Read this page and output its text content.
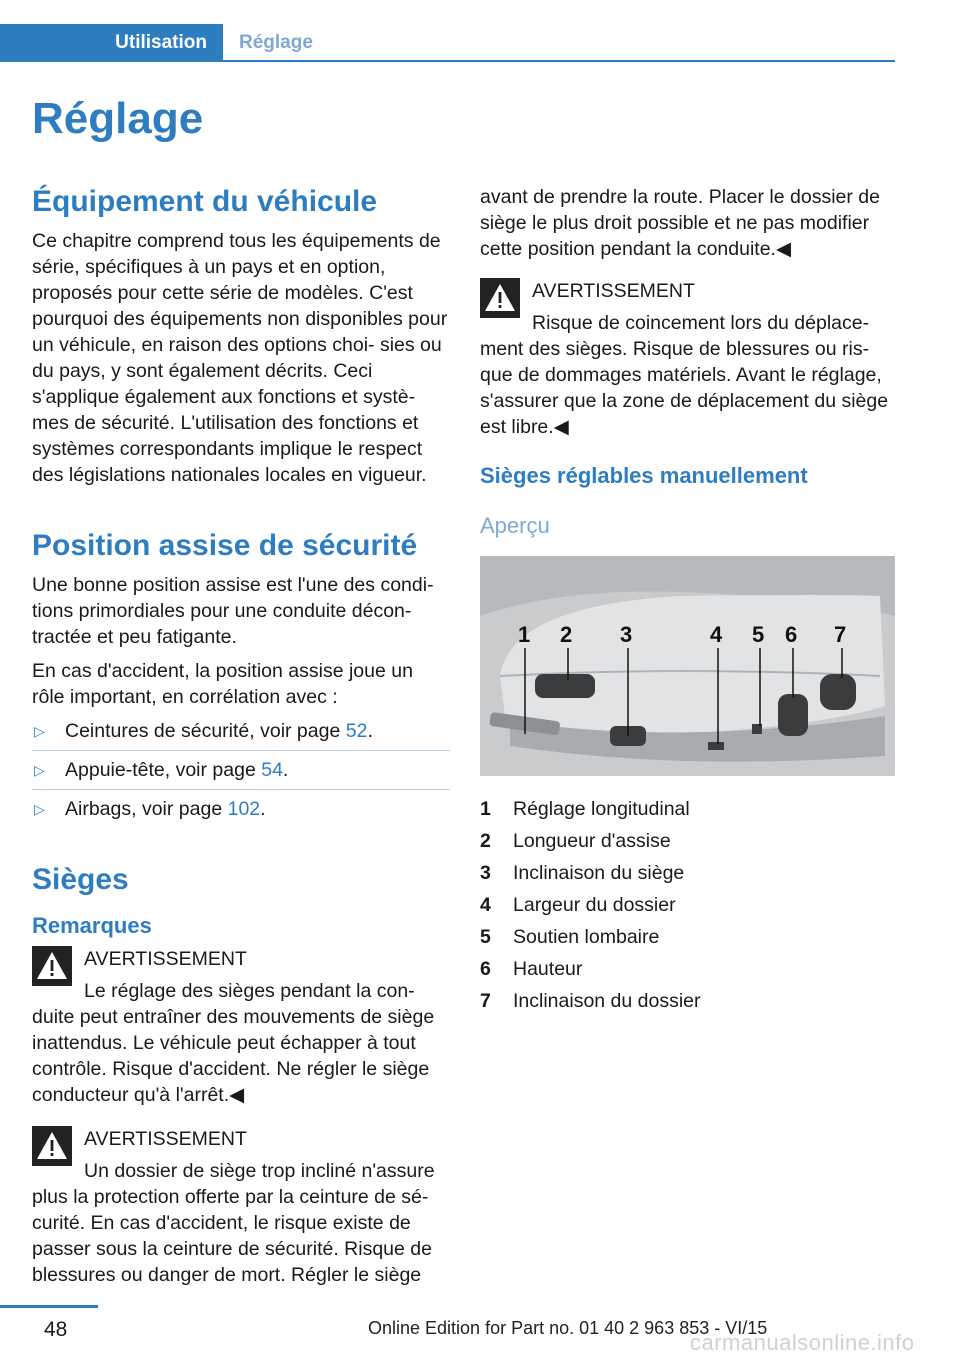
Utilisation	Réglage
Réglage
Équipement du véhicule

Ce chapitre comprend tous les équipements de série, spécifiques à un pays et en option, proposés pour cette série de modèles. C'est pourquoi des équipements non disponibles pour un véhicule, en raison des options choi‐ sies ou du pays, y sont également décrits. Ceci s'applique également aux fonctions et systè‐ mes de sécurité. L'utilisation des fonctions et systèmes correspondants implique le respect des législations nationales locales en vigueur.

Position assise de sécurité

Une bonne position assise est l'une des condi‐ tions primordiales pour une conduite décon‐ tractée et peu fatigante.

En cas d'accident, la position assise joue un rôle important, en corrélation avec :

▷ Ceintures de sécurité, voir page 52.
▷ Appuie-tête, voir page 54.
▷ Airbags, voir page 102.
Sièges
Remarques

AVERTISSEMENT

Le réglage des sièges pendant la con‐ duite peut entraîner des mouvements de siège inattendus. Le véhicule peut échapper à tout contrôle. Risque d'accident. Ne régler le siège conducteur qu'à l'arrêt.◀

AVERTISSEMENT

Un dossier de siège trop incliné n'assure plus la protection offerte par la ceinture de sé‐ curité. En cas d'accident, le risque existe de passer sous la ceinture de sécurité. Risque de blessures ou danger de mort. Régler le siège

avant de prendre la route. Placer le dossier de siège le plus droit possible et ne pas modifier cette position pendant la conduite.◀

AVERTISSEMENT

Risque de coincement lors du déplace‐ ment des sièges. Risque de blessures ou ris‐ que de dommages matériels. Avant le réglage, s'assurer que la zone de déplacement du siège est libre.◀

Sièges réglables manuellement
Aperçu
1 2 3	4 5 6 7
1 Réglage longitudinal
2 Longueur d'assise
3 Inclinaison du siège
4 Largeur du dossier
5 Soutien lombaire
6 Hauteur
7 Inclinaison du dossier
48	Online Edition for Part no. 01 40 2 963 853 - VI/15
carmanualsonline.info
